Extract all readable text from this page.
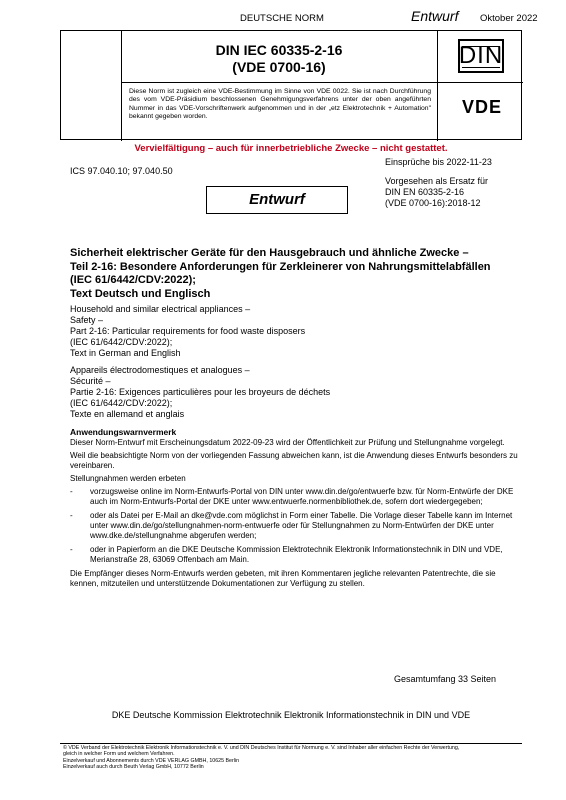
DEUTSCHE NORM	Entwurf Oktober 2022
DIN IEC 60335-2-16
(VDE 0700-16)	DIN
Diese Norm ist zugleich eine VDE-Bestimmung im Sinne von VDE 0022. Sie ist nach Durchführung des vom VDE-Präsidium beschlossenen Genehmigungsverfahrens unter der oben angeführten Nummer in das VDE-Vorschriftenwerk aufgenommen und in der „etz Elektrotechnik + Automation" bekannt gegeben worden.	VDE
Vervielfältigung – auch für innerbetriebliche Zwecke – nicht gestattet.
Einsprüche bis 2022-11-23
ICS 97.040.10; 97.040.50
Vorgesehen als Ersatz für
DIN EN 60335-2-16
(VDE 0700-16):2018-12
Entwurf
Sicherheit elektrischer Geräte für den Hausgebrauch und ähnliche Zwecke –
Teil 2-16: Besondere Anforderungen für Zerkleinerer von Nahrungsmittelabfällen
(IEC 61/6442/CDV:2022);
Text Deutsch und Englisch
Household and similar electrical appliances –
Safety –
Part 2-16: Particular requirements for food waste disposers
(IEC 61/6442/CDV:2022);
Text in German and English
Appareils électrodomestiques et analogues –
Sécurité –
Partie 2-16: Exigences particulières pour les broyeurs de déchets
(IEC 61/6442/CDV:2022);
Texte en allemand et anglais
Anwendungswarnvermerk

Dieser Norm-Entwurf mit Erscheinungsdatum 2022-09-23 wird der Öffentlichkeit zur Prüfung und Stellungnahme vorgelegt.

Weil die beabsichtigte Norm von der vorliegenden Fassung abweichen kann, ist die Anwendung dieses Entwurfs besonders zu vereinbaren.

Stellungnahmen werden erbeten

-	vorzugsweise online im Norm-Entwurfs-Portal von DIN unter www.din.de/go/entwuerfe bzw. für Norm-Entwürfe der DKE auch im Norm-Entwurfs-Portal der DKE unter www.entwuerfe.normenbibliothek.de, sofern dort wiedergegeben;
-	oder als Datei per E-Mail an dke@vde.com möglichst in Form einer Tabelle. Die Vorlage dieser Tabelle kann im Internet unter www.din.de/go/stellungnahmen-norm-entwuerfe oder für Stellungnahmen zu Norm-Entwürfen der DKE unter www.dke.de/stellungnahme abgerufen werden;
-	oder in Papierform an die DKE Deutsche Kommission Elektrotechnik Elektronik Informationstechnik in DIN und VDE, Merianstraße 28, 63069 Offenbach am Main.

Die Empfänger dieses Norm-Entwurfs werden gebeten, mit ihren Kommentaren jegliche relevanten Patentrechte, die sie kennen, mitzuteilen und unterstützende Dokumentationen zur Verfügung zu stellen.

Gesamtumfang 33 Seiten
DKE Deutsche Kommission Elektrotechnik Elektronik Informationstechnik in DIN und VDE
© VDE Verband der Elektrotechnik Elektronik Informationstechnik e. V. und DIN Deutsches Institut für Normung e. V. sind Inhaber aller einfachen Rechte der Verwertung,
gleich in welcher Form und welchem Verfahren.
Einzelverkauf und Abonnements durch VDE VERLAG GMBH, 10625 Berlin
Einzelverkauf auch durch Beuth Verlag GmbH, 10772 Berlin
